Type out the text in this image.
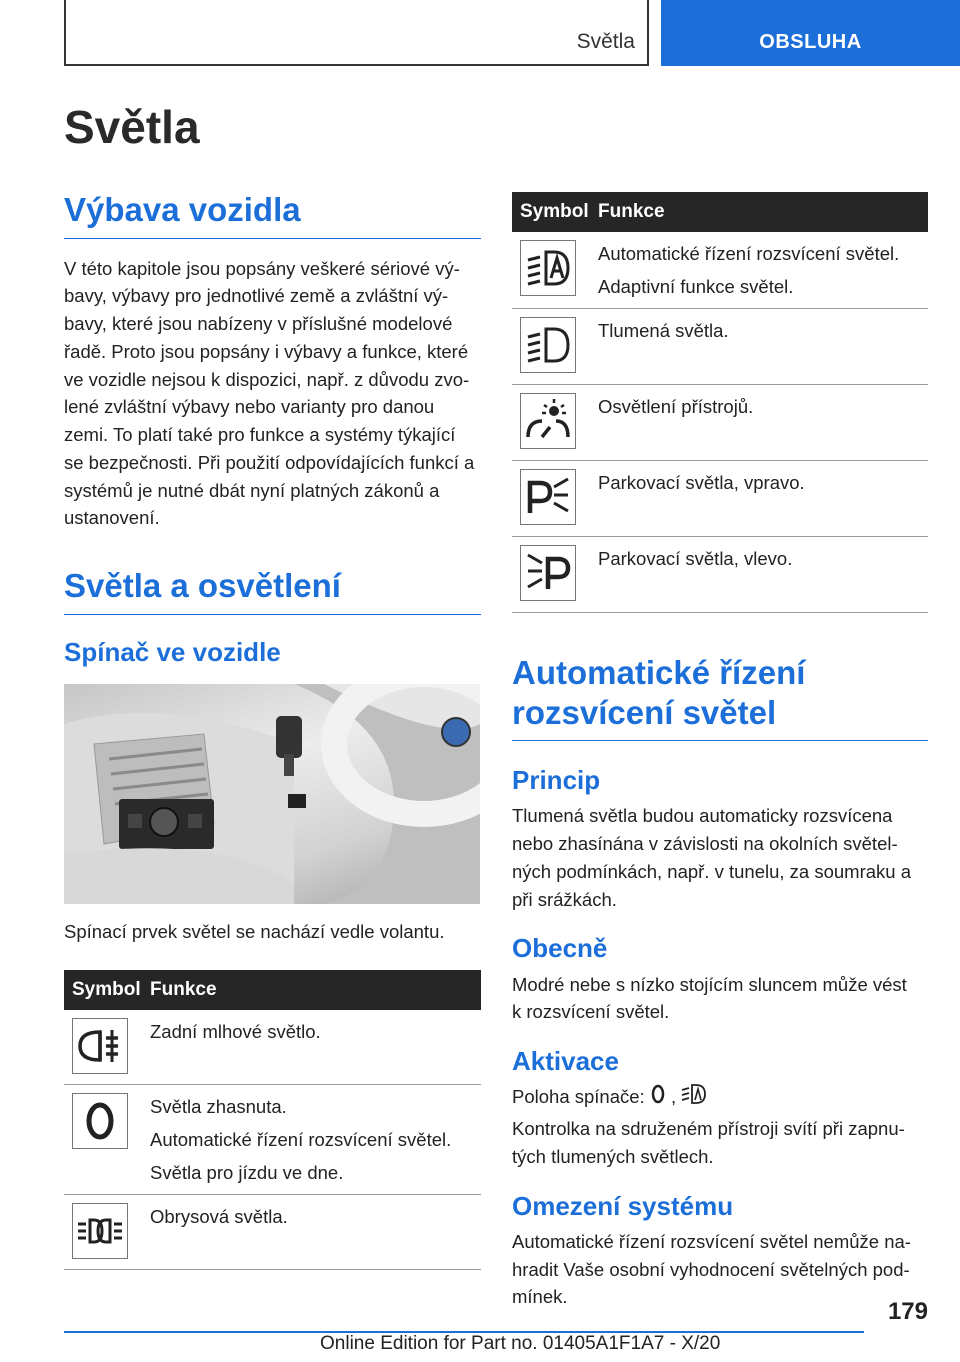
Světla	OBSLUHA
Světla
Výbava vozidla
V této kapitole jsou popsány veškeré sériové vý-
bavy, výbavy pro jednotlivé země a zvláštní vý-
bavy, které jsou nabízeny v příslušné modelové
řadě. Proto jsou popsány i výbavy a funkce, které
ve vozidle nejsou k dispozici, např. z důvodu zvo-
lené zvláštní výbavy nebo varianty pro danou
zemi. To platí také pro funkce a systémy týkající
se bezpečnosti. Při použití odpovídajících funkcí a
systémů je nutné dbát nyní platných zákonů a
ustanovení.
Světla a osvětlení
Spínač ve vozidle
Spínací prvek světel se nachází vedle volantu.
Symbol	Funkce

Zadní mlhové světlo.

Světla zhasnuta.
Automatické řízení rozsvícení světel.
Světla pro jízdu ve dne.

Obrysová světla.
Symbol	Funkce

Automatické řízení rozsvícení světel.
Adaptivní funkce světel.

Tlumená světla.

Osvětlení přístrojů.

Parkovací světla, vpravo.

Parkovací světla, vlevo.
Automatické řízení
rozsvícení světel
Princip
Tlumená světla budou automaticky rozsvícena
nebo zhasínána v závislosti na okolních světel-
ných podmínkách, např. v tunelu, za soumraku a
při srážkách.
Obecně
Modré nebe s nízko stojícím sluncem může vést
k rozsvícení světel.
Aktivace
Poloha spínače:  ,
Kontrolka na sdruženém přístroji svítí při zapnu-
tých tlumených světlech.
Omezení systému
Automatické řízení rozsvícení světel nemůže na-
hradit Vaše osobní vyhodnocení světelných pod-
mínek.
179
Online Edition for Part no. 01405A1F1A7 - X/20
